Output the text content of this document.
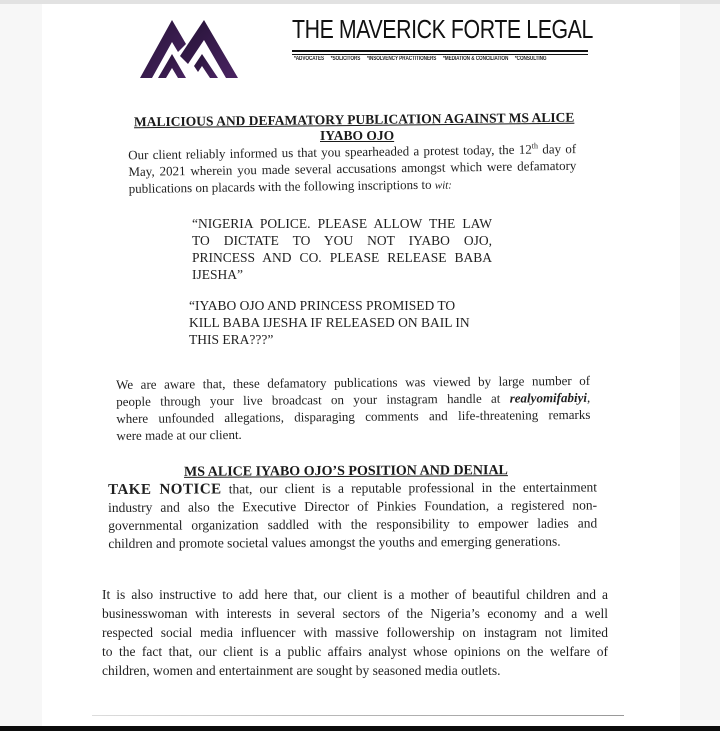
THE MAVERICK FORTE LEGAL
*ADVOCATES *SOLICITORS *INSOLVENCY PRACTITIONERS *MEDIATION & CONCILIATION *CONSULTING
MALICIOUS AND DEFAMATORY PUBLICATION AGAINST MS ALICE
IYABO OJO
Our client reliably informed us that you spearheaded a protest today, the 12th day of
May, 2021 wherein you made several accusations amongst which were defamatory
publications on placards with the following inscriptions to wit:
“NIGERIA POLICE. PLEASE ALLOW THE LAW
TO DICTATE TO YOU NOT IYABO OJO,
PRINCESS AND CO. PLEASE RELEASE BABA
IJESHA”
“IYABO OJO AND PRINCESS PROMISED TO
KILL BABA IJESHA IF RELEASED ON BAIL IN
THIS ERA???”
We are aware that, these defamatory publications was viewed by large number of
people through your live broadcast on your instagram handle at realyomifabiyi,
where unfounded allegations, disparaging comments and life-threatening remarks
were made at our client.
MS ALICE IYABO OJO’S POSITION AND DENIAL
TAKE NOTICE that, our client is a reputable professional in the entertainment
industry and also the Executive Director of Pinkies Foundation, a registered non-
governmental organization saddled with the responsibility to empower ladies and
children and promote societal values amongst the youths and emerging generations.
It is also instructive to add here that, our client is a mother of beautiful children and a
businesswoman with interests in several sectors of the Nigeria’s economy and a well
respected social media influencer with massive followership on instagram not limited
to the fact that, our client is a public affairs analyst whose opinions on the welfare of
children, women and entertainment are sought by seasoned media outlets.
